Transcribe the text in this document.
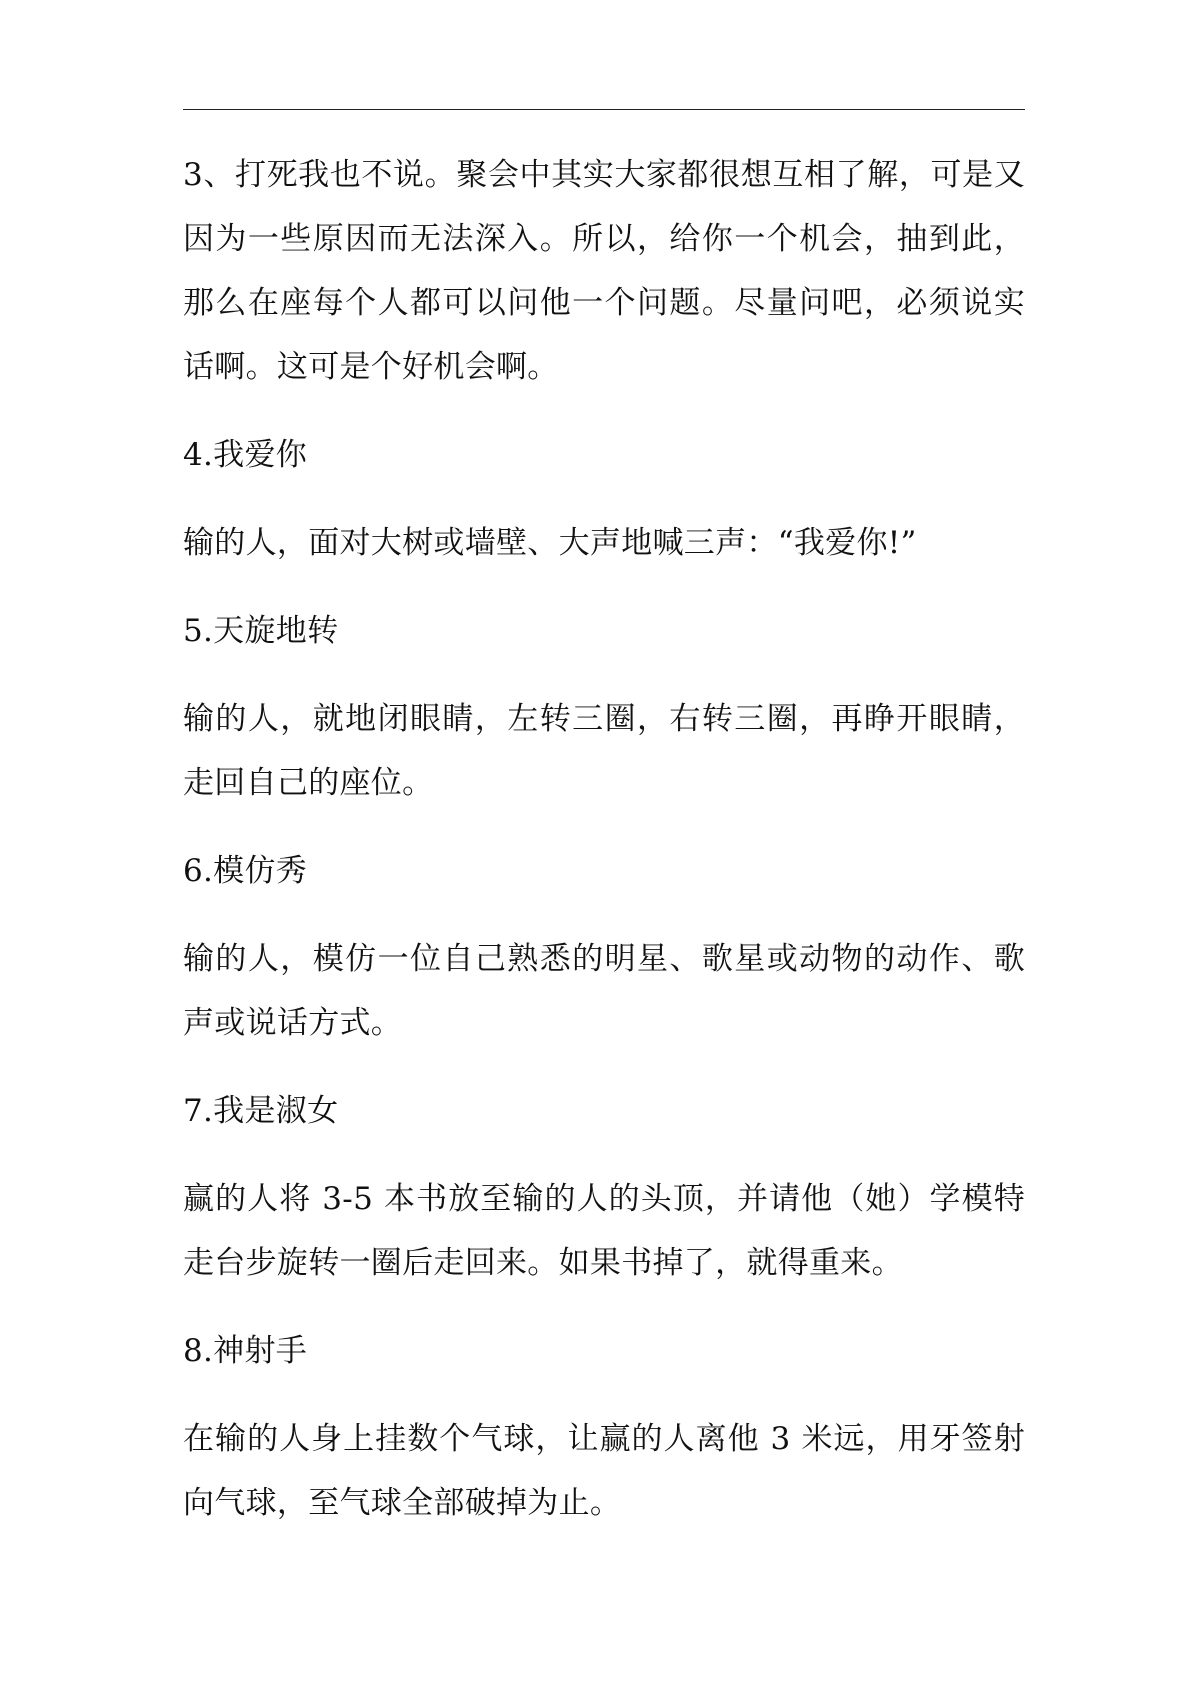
3、打死我也不说。聚会中其实大家都很想互相了解，可是又因为一些原因而无法深入。所以，给你一个机会，抽到此，那么在座每个人都可以问他一个问题。尽量问吧，必须说实话啊。这可是个好机会啊。

4.我爱你

输的人，面对大树或墙壁、大声地喊三声：“我爱你!”

5.天旋地转

输的人，就地闭眼睛，左转三圈，右转三圈，再睁开眼睛，走回自己的座位。

6.模仿秀

输的人，模仿一位自己熟悉的明星、歌星或动物的动作、歌声或说话方式。

7.我是淑女

赢的人将 3-5 本书放至输的人的头顶，并请他（她）学模特走台步旋转一圈后走回来。如果书掉了，就得重来。

8.神射手

在输的人身上挂数个气球，让赢的人离他 3 米远，用牙签射向气球，至气球全部破掉为止。
